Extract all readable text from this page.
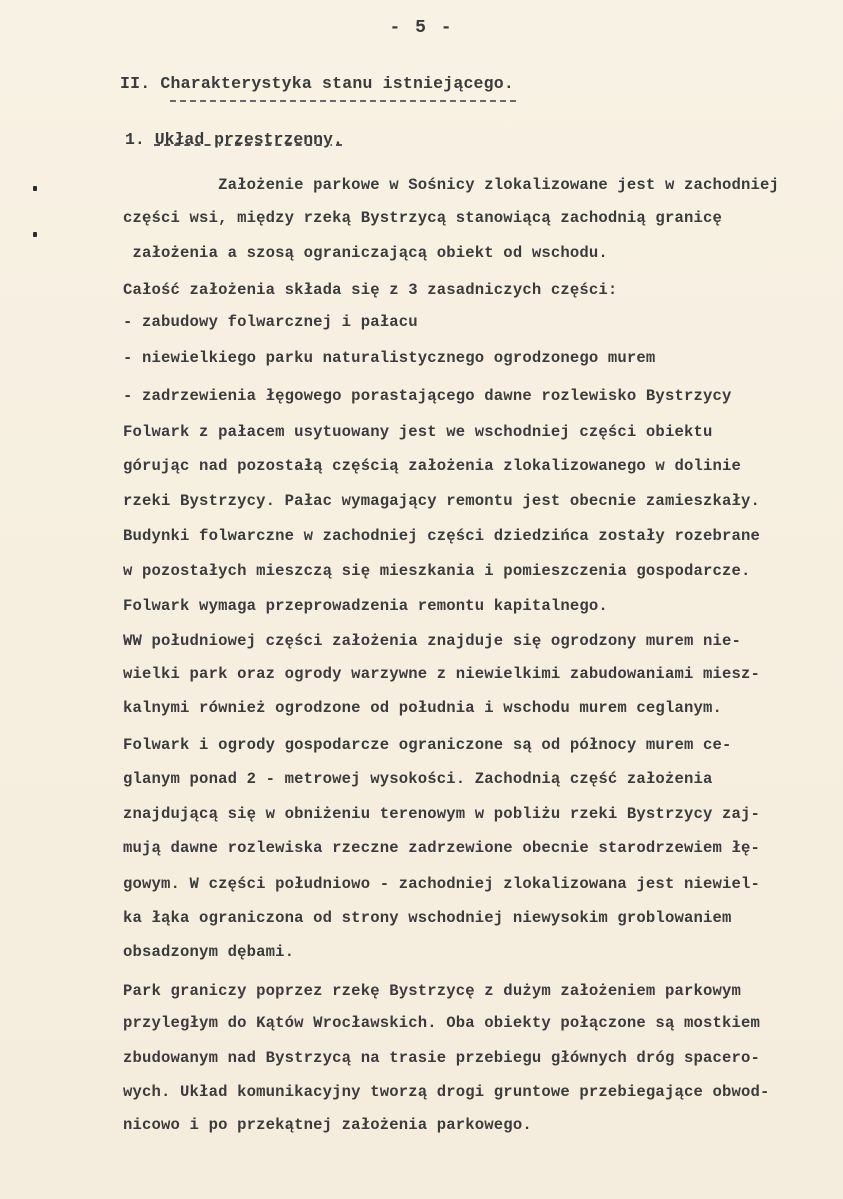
- 5 -
II. Charakterystyka stanu istniejącego.
1. Układ przestrzenny.
Założenie parkowe w Sośnicy zlokalizowane jest w zachodniej
części wsi, między rzeką Bystrzycą stanowiącą zachodnią granicę
założenia a szosą ograniczającą obiekt od wschodu.
Całość założenia składa się z 3 zasadniczych części:
- zabudowy folwarcznej i pałacu
- niewielkiego parku naturalistycznego ogrodzonego murem
- zadrzewienia łęgowego porastającego dawne rozlewisko Bystrzycy
Folwark z pałacem usytuowany jest we wschodniej części obiektu
górując nad pozostałą częścią założenia zlokalizowanego w dolinie
rzeki Bystrzycy. Pałac wymagający remontu jest obecnie zamieszkały.
Budynki folwarczne w zachodniej części dziedzińca zostały rozebrane
w pozostałych mieszczą się mieszkania i pomieszczenia gospodarcze.
Folwark wymaga przeprowadzenia remontu kapitalnego.
WW południowej części założenia znajduje się ogrodzony murem nie-
wielki park oraz ogrody warzywne z niewielkimi zabudowaniami miesz-
kalnymi również ogrodzone od południa i wschodu murem ceglanym.
Folwark i ogrody gospodarcze ograniczone są od północy murem ce-
glanym ponad 2 - metrowej wysokości. Zachodnią część założenia
znajdującą się w obniżeniu terenowym w pobliżu rzeki Bystrzycy zaj-
mują dawne rozlewiska rzeczne zadrzewione obecnie starodrzewiem łę-
gowym. W części południowo - zachodniej zlokalizowana jest niewiel-
ka łąka ograniczona od strony wschodniej niewysokim groblowaniem
obsadzonym dębami.
Park graniczy poprzez rzekę Bystrzycę z dużym założeniem parkowym
przyległym do Kątów Wrocławskich. Oba obiekty połączone są mostkiem
zbudowanym nad Bystrzycą na trasie przebiegu głównych dróg spacero-
wych. Układ komunikacyjny tworzą drogi gruntowe przebiegające obwod-
nicowo i po przekątnej założenia parkowego.
